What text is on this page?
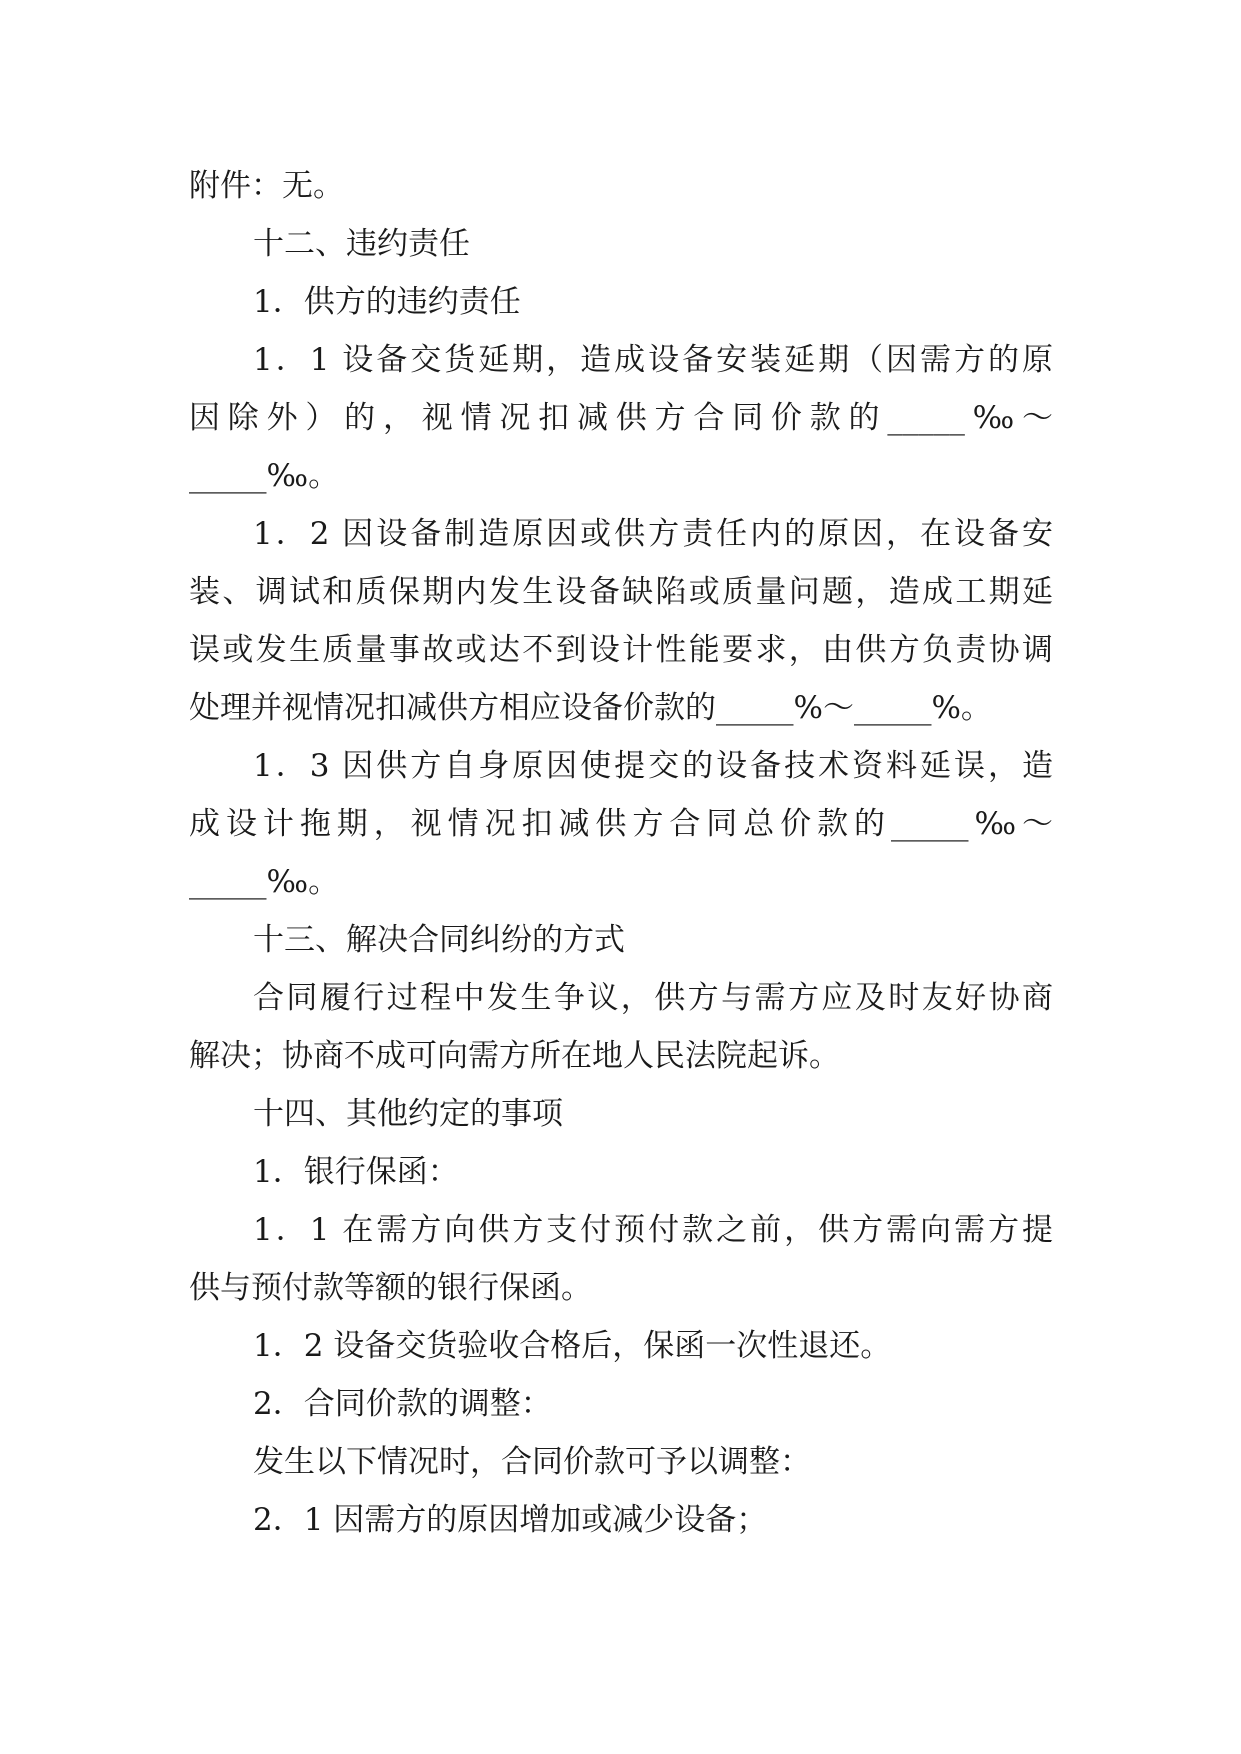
附件：无。
十二、违约责任
1．供方的违约责任
1．1 设备交货延期，造成设备安装延期（因需方的原
因除外）的，视情况扣减供方合同价款的_____‰～
_____‰。
1．2 因设备制造原因或供方责任内的原因，在设备安
装、调试和质保期内发生设备缺陷或质量问题，造成工期延
误或发生质量事故或达不到设计性能要求，由供方负责协调
处理并视情况扣减供方相应设备价款的_____%～_____%。
1．3 因供方自身原因使提交的设备技术资料延误，造
成设计拖期，视情况扣减供方合同总价款的_____‰～
_____‰。
十三、解决合同纠纷的方式
合同履行过程中发生争议，供方与需方应及时友好协商
解决；协商不成可向需方所在地人民法院起诉。
十四、其他约定的事项
1．银行保函：
1．1 在需方向供方支付预付款之前，供方需向需方提
供与预付款等额的银行保函。
1．2 设备交货验收合格后，保函一次性退还。
2．合同价款的调整：
发生以下情况时，合同价款可予以调整：
2．1 因需方的原因增加或减少设备；
